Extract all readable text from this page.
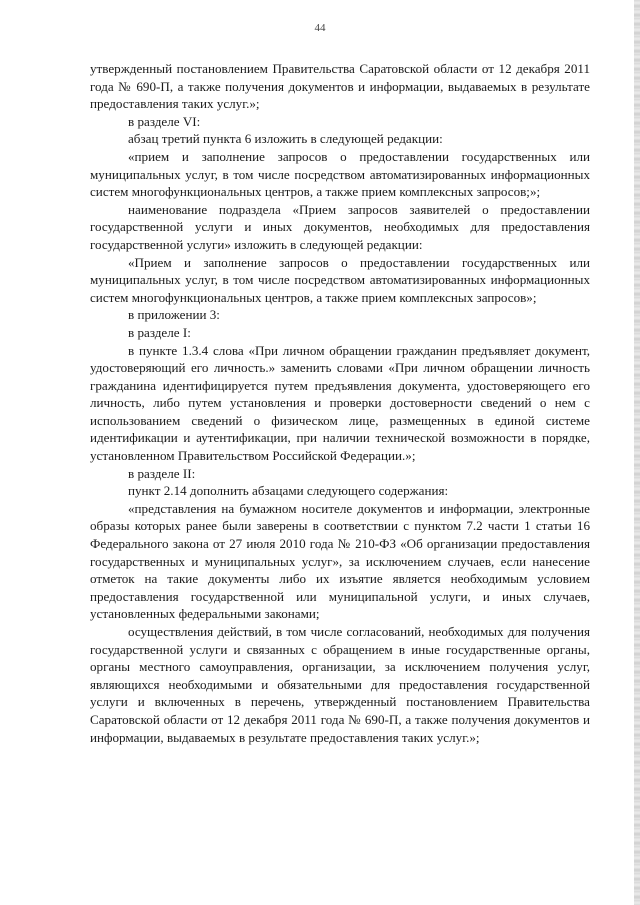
44

утвержденный постановлением Правительства Саратовской области от 12 декабря 2011 года № 690-П, а также получения документов и информации, выдаваемых в результате предоставления таких услуг.»;

в разделе VI:

абзац третий пункта 6 изложить в следующей редакции:

«прием и заполнение запросов о предоставлении государственных или муниципальных услуг, в том числе посредством автоматизированных информационных систем многофункциональных центров, а также прием комплексных запросов;»;

наименование подраздела «Прием запросов заявителей о предоставлении государственной услуги и иных документов, необходимых для предоставления государственной услуги» изложить в следующей редакции:

«Прием и заполнение запросов о предоставлении государственных или муниципальных услуг, в том числе посредством автоматизированных информационных систем многофункциональных центров, а также прием комплексных запросов»;

в приложении 3:

в разделе I:

в пункте 1.3.4 слова «При личном обращении гражданин предъявляет документ, удостоверяющий его личность.» заменить словами «При личном обращении личность гражданина идентифицируется путем предъявления документа, удостоверяющего его личность, либо путем установления и проверки достоверности сведений о нем с использованием сведений о физическом лице, размещенных в единой системе идентификации и аутентификации, при наличии технической возможности в порядке, установленном Правительством Российской Федерации.»;

в разделе II:

пункт 2.14 дополнить абзацами следующего содержания:

«представления на бумажном носителе документов и информации, электронные образы которых ранее были заверены в соответствии с пунктом 7.2 части 1 статьи 16 Федерального закона от 27 июля 2010 года № 210-ФЗ «Об организации предоставления государственных и муниципальных услуг», за исключением случаев, если нанесение отметок на такие документы либо их изъятие является необходимым условием предоставления государственной или муниципальной услуги, и иных случаев, установленных федеральными законами;

осуществления действий, в том числе согласований, необходимых для получения государственной услуги и связанных с обращением в иные государственные органы, органы местного самоуправления, организации, за исключением получения услуг, являющихся необходимыми и обязательными для предоставления государственной услуги и включенных в перечень, утвержденный постановлением Правительства Саратовской области от 12 декабря 2011 года № 690-П, а также получения документов и информации, выдаваемых в результате предоставления таких услуг.»;
